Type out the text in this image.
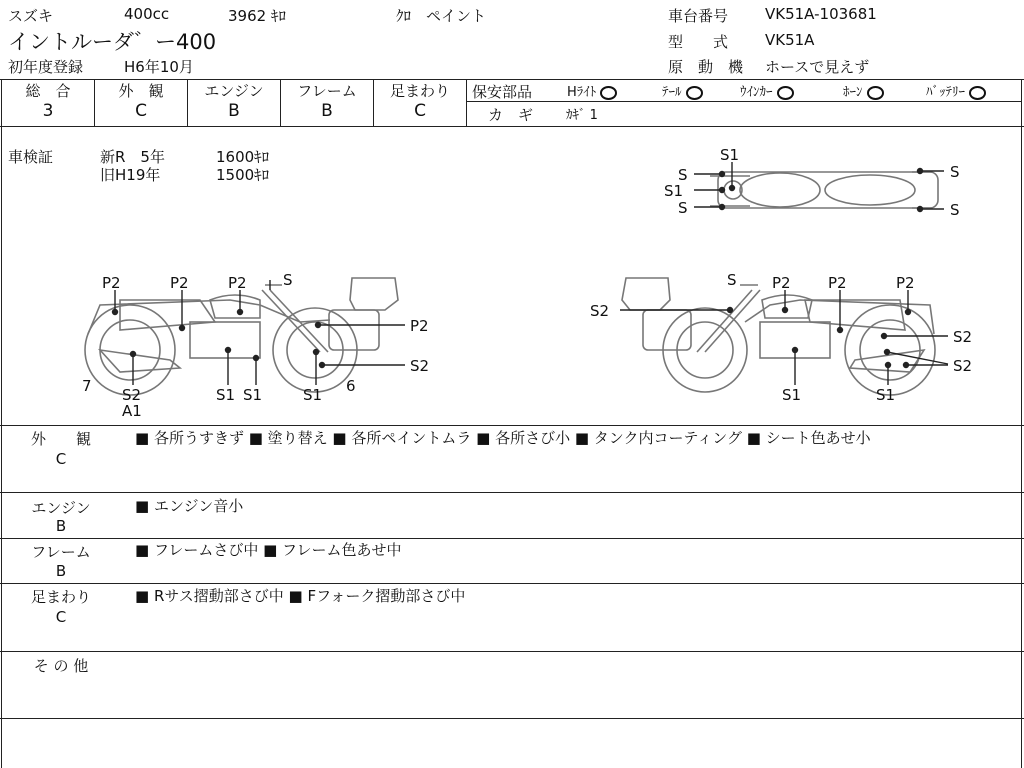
スズキ	400cc	3962 ｷﾛ	ｸﾛ　ペイント
イントルーダ゛ー400
初年度登録	H6年10月
車台番号 VK51A-103681
型　　式 VK51A
原　動　機 ホースで見えず
総　合	外　観	エンジン	フレーム	足まわり
3	C	B	B	C
保安部品	Hﾗｲﾄ	ﾃｰﾙ	ｳｲﾝｶｰ	ﾎｰﾝ	ﾊﾞｯﾃﾘｰ
カ　ギ	ｶｷﾞ 1
車検証	新R　5年	1600ｷﾛ
旧H19年	1500ｷﾛ
S1
S
S1
S
S
S
P2	P2	P2 S
P2
S2
7 S2
A1
S1 S1	S1 6
S P2 P2	P2
S2
S2
S2
S1	S1
外　　観
C
■ 各所うすきず ■ 塗り替え ■ 各所ペイントムラ ■ 各所さび小 ■ タンク内コーティング ■ シート色あせ小
エンジン
B
■ エンジン音小
フレーム
B
■ フレームさび中 ■ フレーム色あせ中
足まわり
C
■ Rサス摺動部さび中 ■ Fフォーク摺動部さび中
そ の 他
